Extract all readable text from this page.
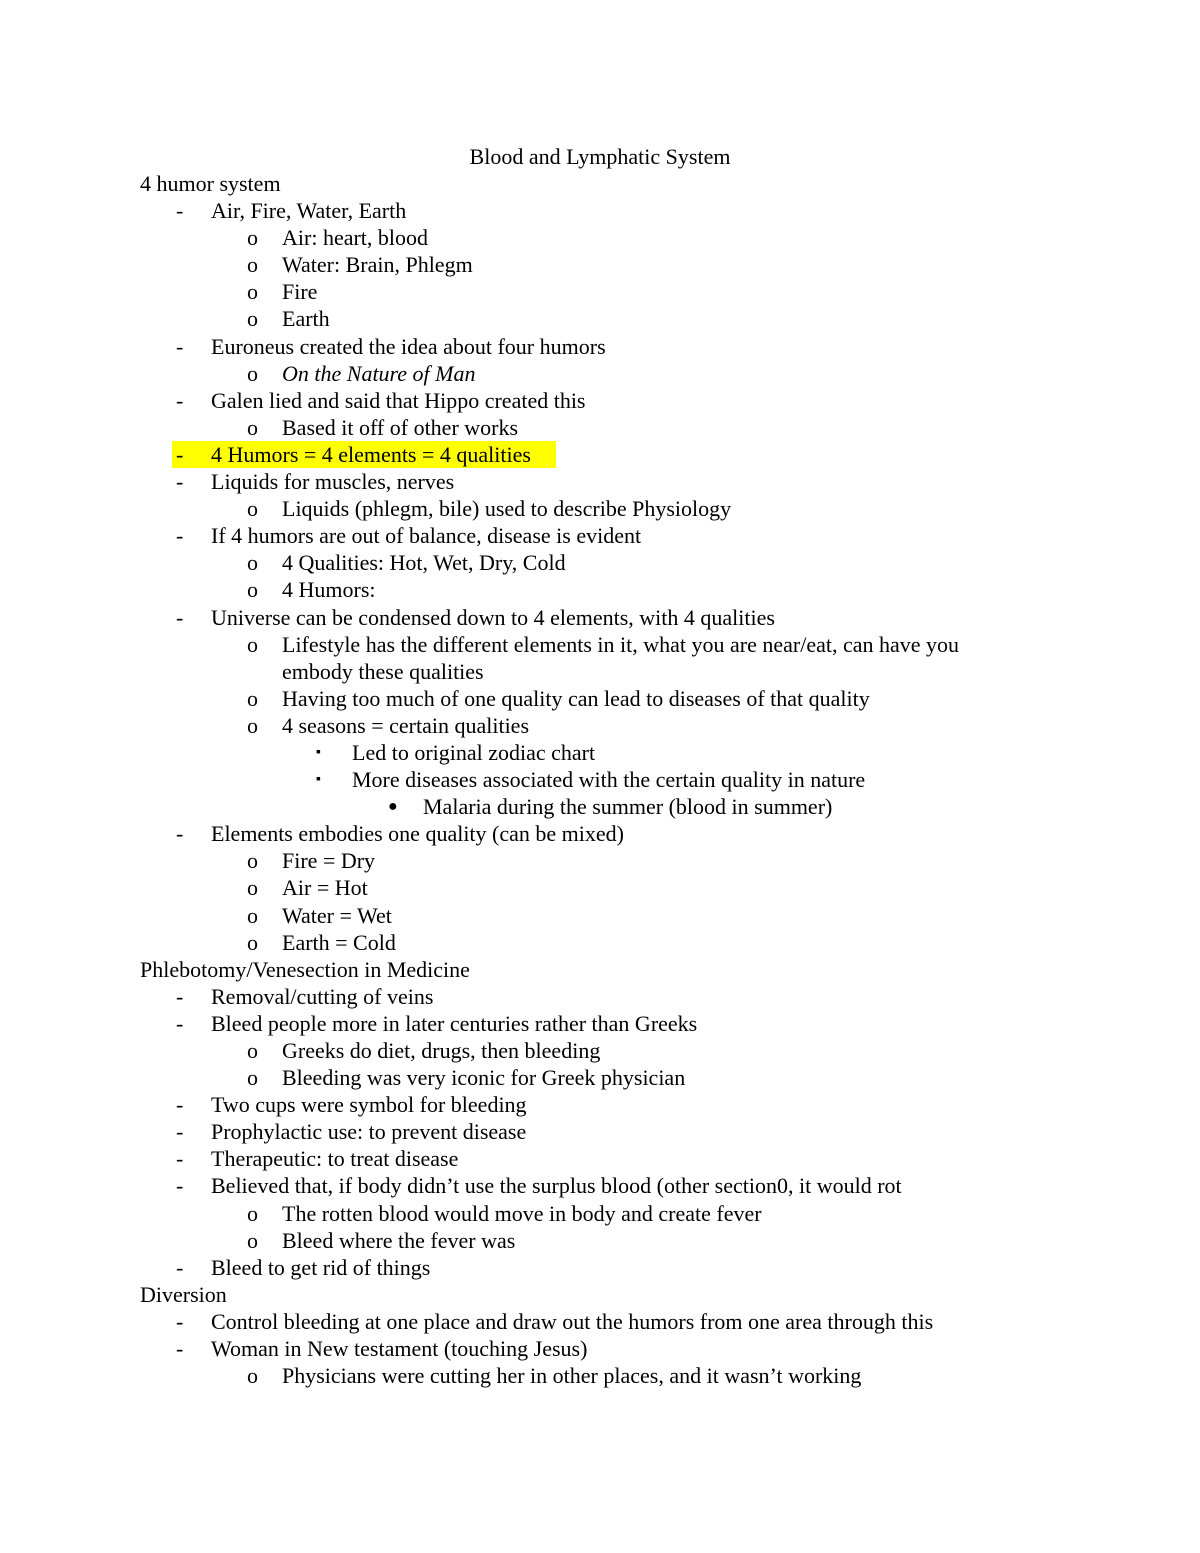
Blood and Lymphatic System
4 humor system
-	Air, Fire, Water, Earth
o	Air: heart, blood
o	Water: Brain, Phlegm
o	Fire
o	Earth
-	Euroneus created the idea about four humors
o	On the Nature of Man
-	Galen lied and said that Hippo created this
o	Based it off of other works
-	4 Humors = 4 elements = 4 qualities
-	Liquids for muscles, nerves
o	Liquids (phlegm, bile) used to describe Physiology
-	If 4 humors are out of balance, disease is evident
o	4 Qualities: Hot, Wet, Dry, Cold
o	4 Humors:
-	Universe can be condensed down to 4 elements, with 4 qualities
o	Lifestyle has the different elements in it, what you are near/eat, can have you
embody these qualities
o	Having too much of one quality can lead to diseases of that quality
o	4 seasons = certain qualities
▪	Led to original zodiac chart
▪	More diseases associated with the certain quality in nature
●	Malaria during the summer (blood in summer)
-	Elements embodies one quality (can be mixed)
o	Fire = Dry
o	Air = Hot
o	Water = Wet
o	Earth = Cold
Phlebotomy/Venesection in Medicine
-	Removal/cutting of veins
-	Bleed people more in later centuries rather than Greeks
o	Greeks do diet, drugs, then bleeding
o	Bleeding was very iconic for Greek physician
-	Two cups were symbol for bleeding
-	Prophylactic use: to prevent disease
-	Therapeutic: to treat disease
-	Believed that, if body didn’t use the surplus blood (other section0, it would rot
o	The rotten blood would move in body and create fever
o	Bleed where the fever was
-	Bleed to get rid of things
Diversion
-	Control bleeding at one place and draw out the humors from one area through this
-	Woman in New testament (touching Jesus)
o	Physicians were cutting her in other places, and it wasn’t working
